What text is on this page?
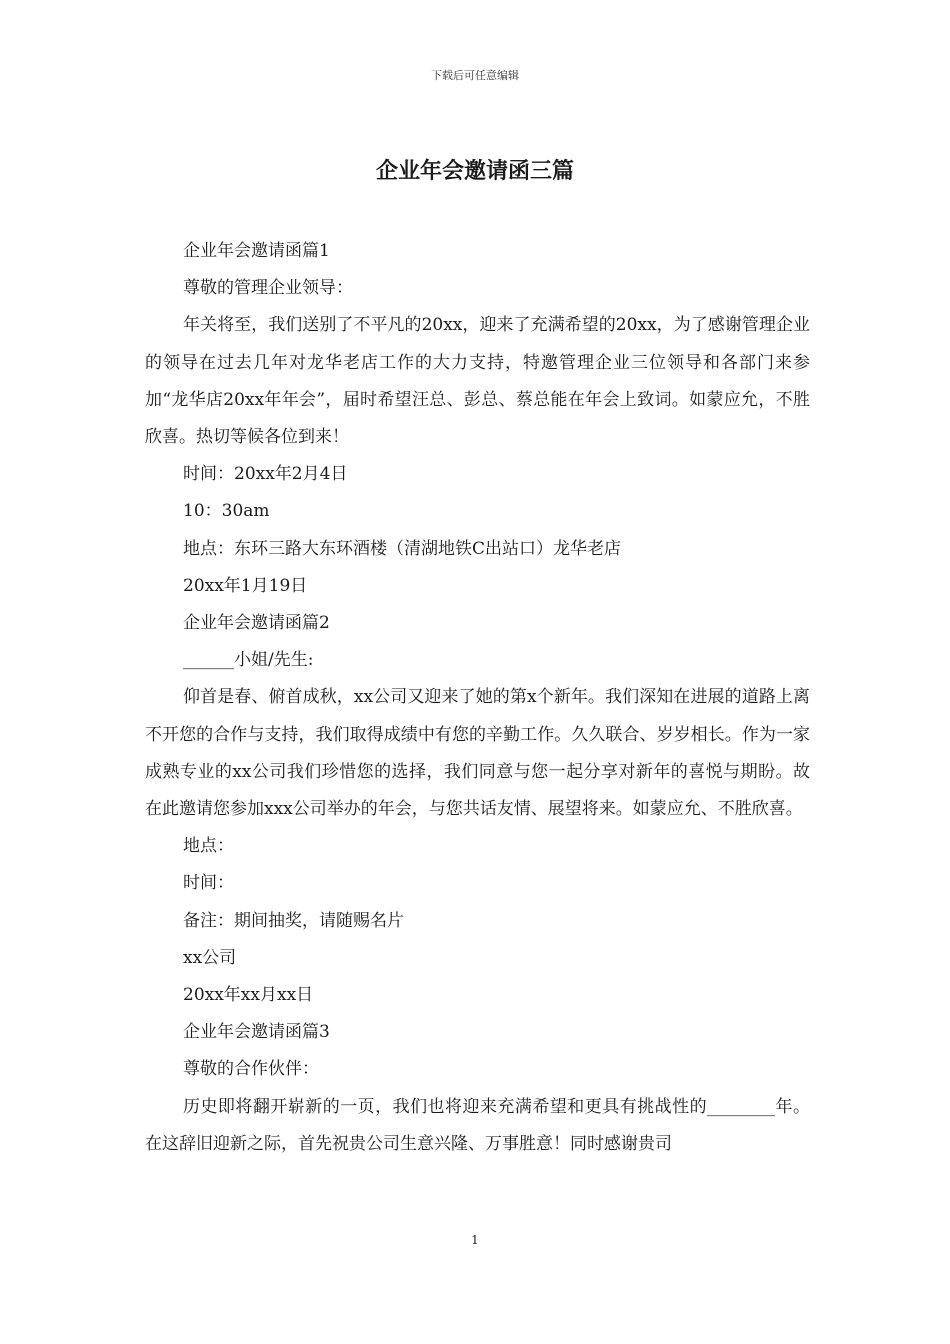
下载后可任意编辑
企业年会邀请函三篇

企业年会邀请函篇1

尊敬的管理企业领导：

年关将至，我们送别了不平凡的20xx，迎来了充满希望的20xx，为了感谢管理企业的领导在过去几年对龙华老店工作的大力支持，特邀管理企业三位领导和各部门来参加“龙华店20xx年年会”，届时希望汪总、彭总、蔡总能在年会上致词。如蒙应允，不胜欣喜。热切等候各位到来！

时间：20xx年2月4日

10：30am

地点：东环三路大东环酒楼（清湖地铁C出站口）龙华老店

20xx年1月19日

企业年会邀请函篇2

______小姐/先生:

仰首是春、俯首成秋，xx公司又迎来了她的第x个新年。我们深知在进展的道路上离不开您的合作与支持，我们取得成绩中有您的辛勤工作。久久联合、岁岁相长。作为一家成熟专业的xx公司我们珍惜您的选择，我们同意与您一起分享对新年的喜悦与期盼。故在此邀请您参加xxx公司举办的年会，与您共话友情、展望将来。如蒙应允、不胜欣喜。

地点：

时间：

备注：期间抽奖，请随赐名片

xx公司

20xx年xx月xx日

企业年会邀请函篇3

尊敬的合作伙伴：

历史即将翻开崭新的一页，我们也将迎来充满希望和更具有挑战性的________年。在这辞旧迎新之际，首先祝贵公司生意兴隆、万事胜意！同时感谢贵司

1
